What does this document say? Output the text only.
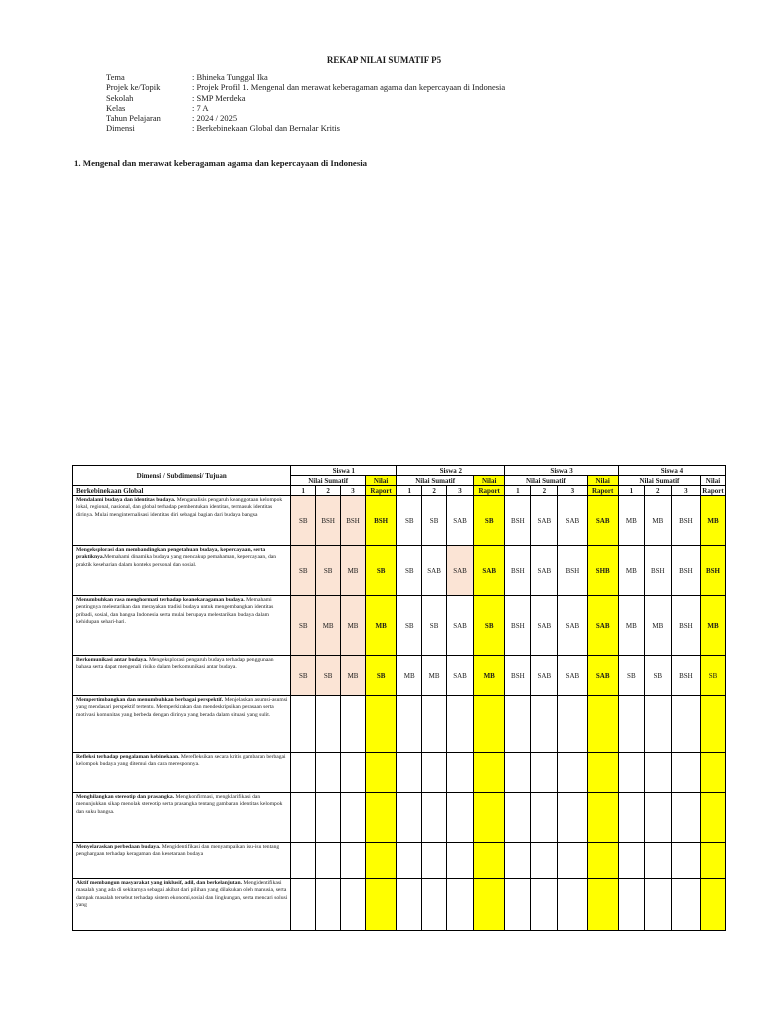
REKAP NILAI SUMATIF P5
Tema	: Bhineka Tunggal Ika
Projek ke/Topik	: Projek Profil 1. Mengenal dan merawat keberagaman agama dan kepercayaan di Indonesia
Sekolah	: SMP Merdeka
Kelas	: 7 A
Tahun Pelajaran	: 2024 / 2025
Dimensi	: Berkebinekaan Global dan Bernalar Kritis
1. Mengenal dan merawat keberagaman agama dan kepercayaan di Indonesia
Dimensi / Subdimensi/ Tujuan	Siswa 1				Siswa 2				Siswa 3				Siswa 4			
	Nilai Sumatif			Nilai	Nilai Sumatif			Nilai	Nilai Sumatif			Nilai	Nilai Sumatif			Nilai
Berkebinekaan Global	1	2	3	Raport	1	2	3	Raport	1	2	3	Raport	1	2	3	Raport
Mendalami budaya dan identitas budaya. Menganalisis pengaruh keanggotaan kelompok lokal, regional, nasional, dan global terhadap pembentukan identitas, termasuk identitas dirinya. Mulai menginternalisasi identitas diri sebagai bagian dari budaya bangsa	SB	BSH	BSH	BSH	SB	SB	SAB	SB	BSH	SAB	SAB	SAB	MB	MB	BSH	MB
Mengeksplorasi dan membandingkan pengetahuan budaya, kepercayaan, serta praktiknya.Memahami dinamika budaya yang mencakup pemahaman, kepercayaan, dan praktik keseharian dalam konteks personal dan sosial.	SB	SB	MB	SB	SB	SAB	SAB	SAB	BSH	SAB	BSH	SHB	MB	BSH	BSH	BSH
Menumbuhkan rasa menghormati terhadap keanekaragaman budaya. Memahami pentingnya melestarikan dan merayakan tradisi budaya untuk mengembangkan identitas pribadi, sosial, dan bangsa Indonesia serta mulai berupaya melestarikan budaya dalam kehidupan sehari-hari.	SB	MB	MB	MB	SB	SB	SAB	SB	BSH	SAB	SAB	SAB	MB	MB	BSH	MB
Berkomunikasi antar budaya. Mengeksplorasi pengaruh budaya terhadap penggunaan bahasa serta dapat mengenali risiko dalam berkomunikasi antar budaya.	SB	SB	MB	SB	MB	MB	SAB	MB	BSH	SAB	SAB	SAB	SB	SB	BSH	SB
Mempertimbangkan dan menumbuhkan berbagai perspektif. Menjelaskan asumsi-asumsi yang mendasari perspektif tertentu. Memperkirakan dan mendeskripsikan perasaan serta motivasi komunitas yang berbeda dengan dirinya yang berada dalam situasi yang sulit.																
Refleksi terhadap pengalaman kebinekaan. Merefleksikan secara kritis gambaran berbagai kelompok budaya yang ditemui dan cara meresponnya.																
Menghilangkan stereotip dan prasangka. Mengkonfirmasi, mengklarifikasi dan menunjukkan sikap menolak stereotip serta prasangka tentang gambaran identitas kelompok dan suku bangsa.																
Menyelaraskan perbedaan budaya. Mengidentifikasi dan menyampaikan isu-isu tentang penghargaan terhadap keragaman dan kesetaraan budaya																
Aktif membangun masyarakat yang inklusif, adil, dan berkelanjutan. Mengidentifikasi masalah yang ada di sekitarnya sebagai akibat dari pilihan yang dilakukan oleh manusia, serta dampak masalah tersebut terhadap sistem ekonomi,sosial dan lingkungan, serta mencari solusi yang																
